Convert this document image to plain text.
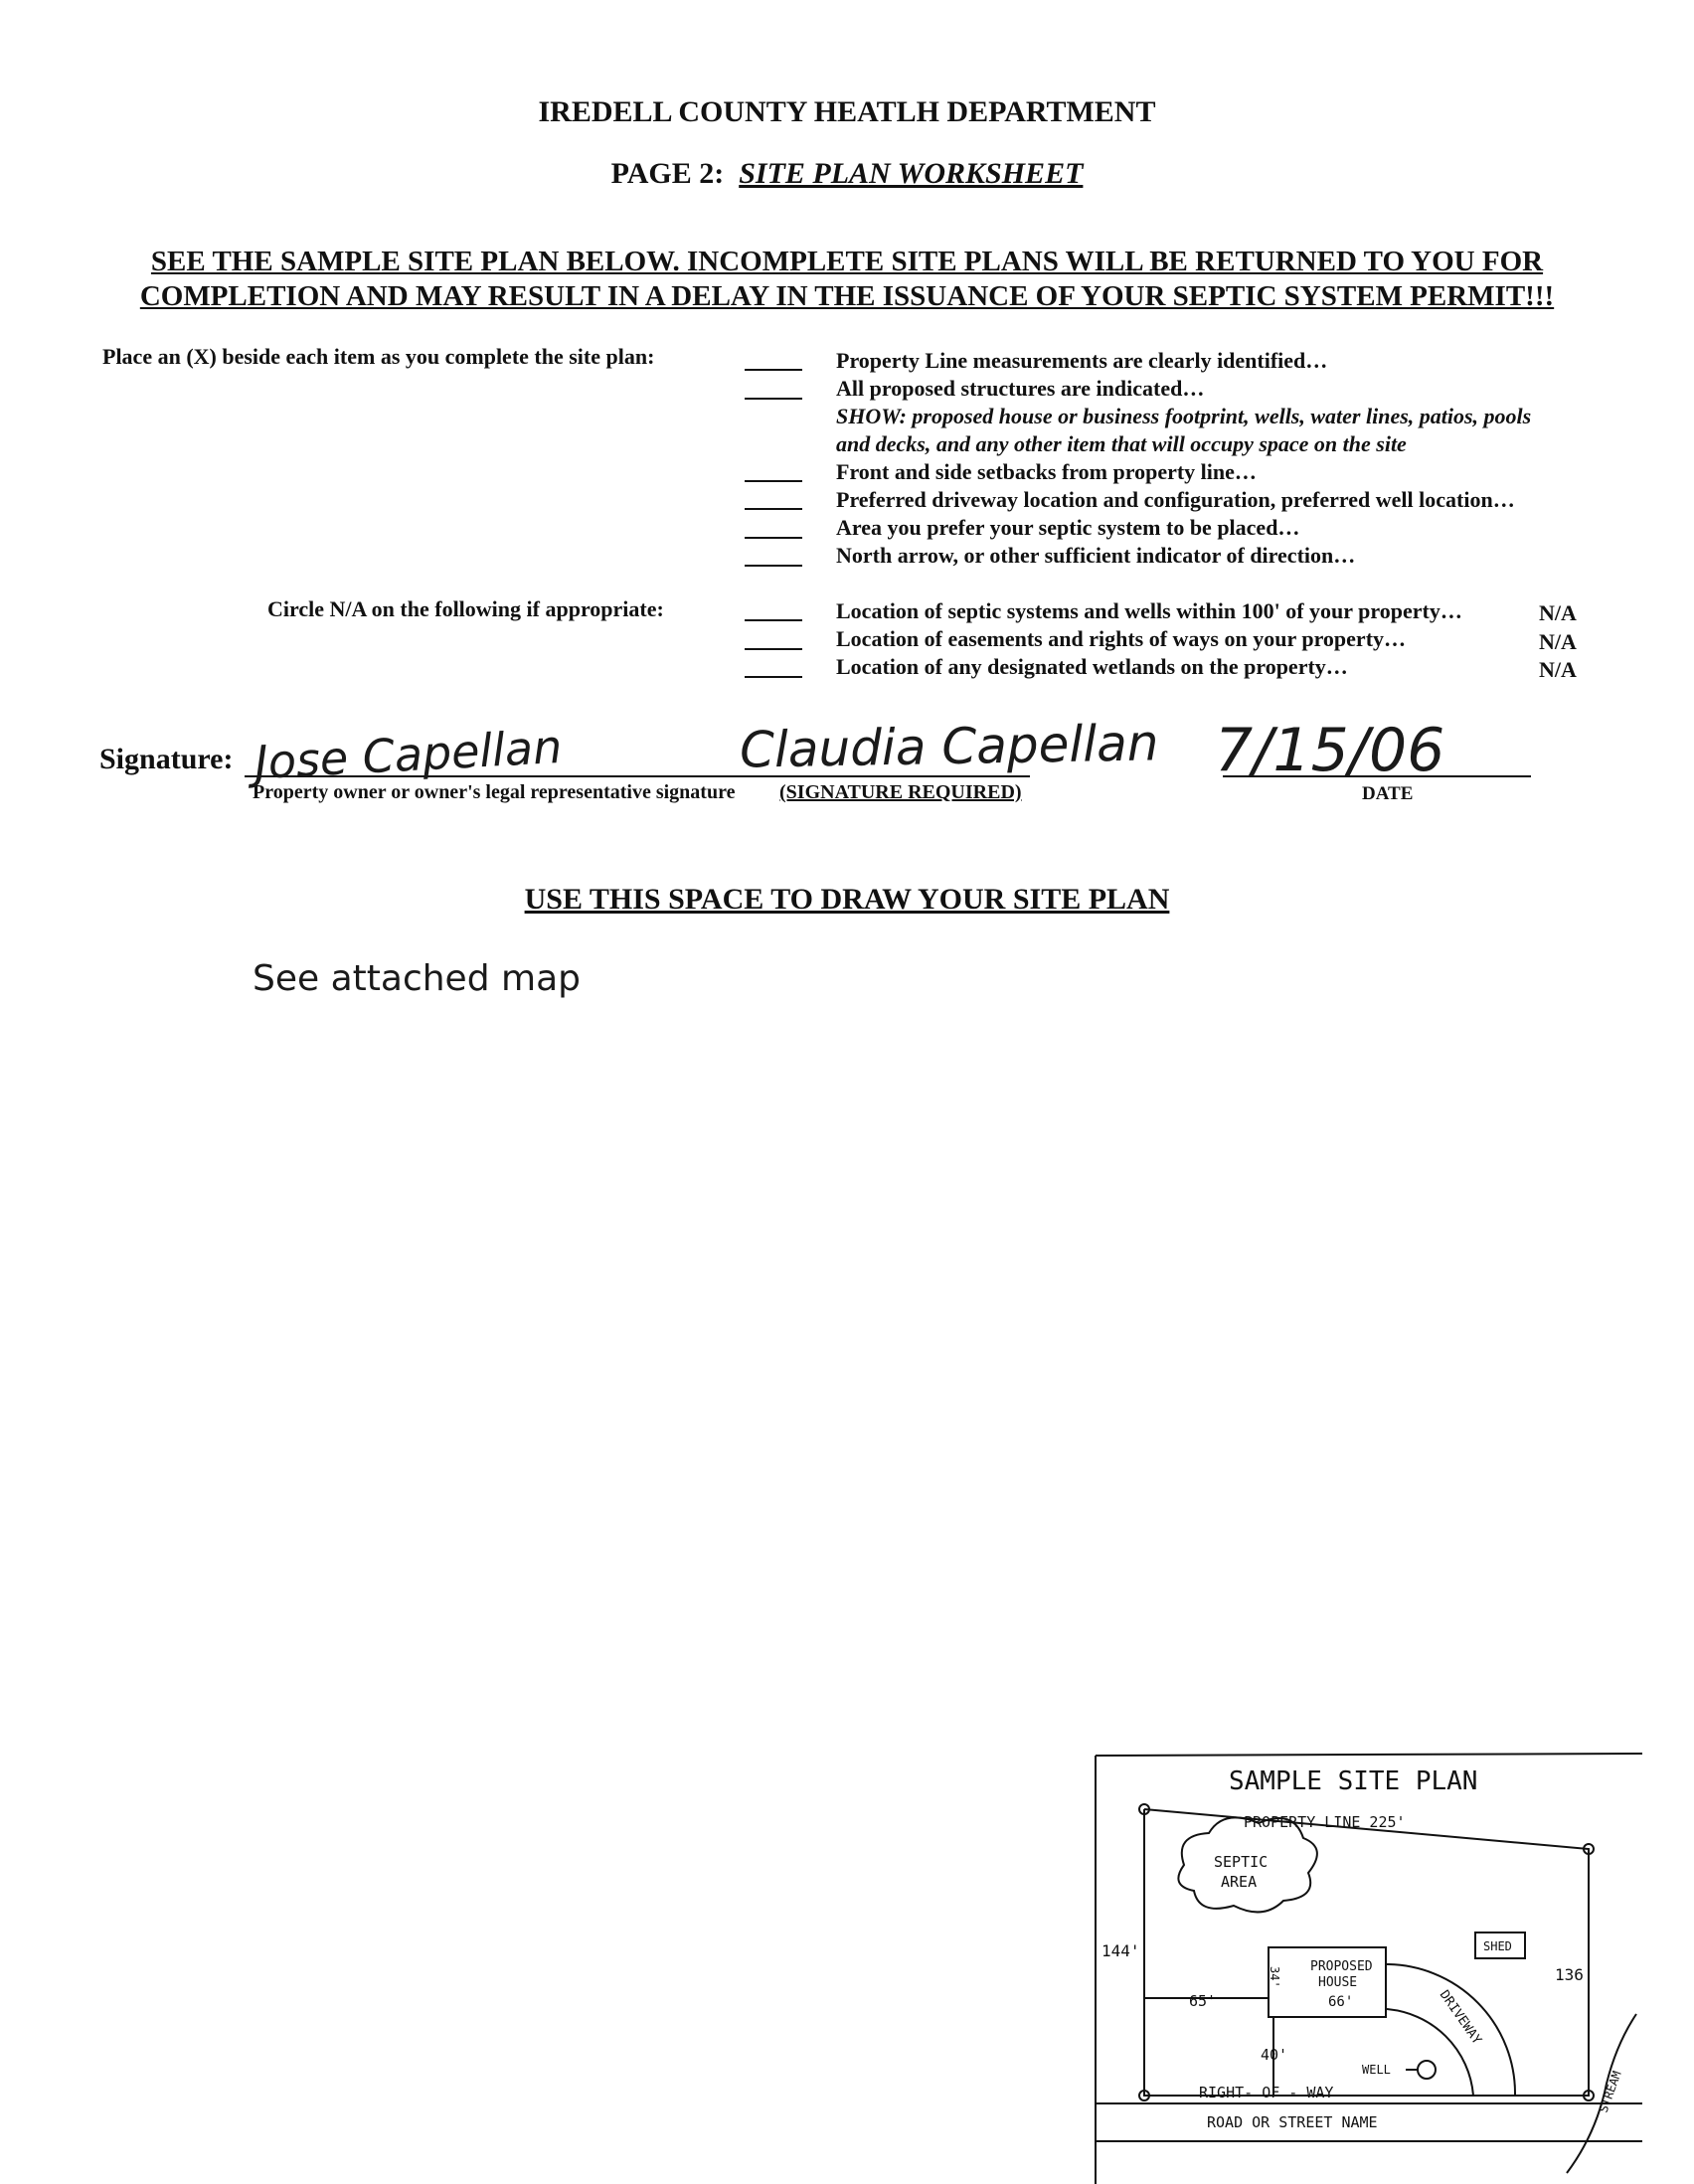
IREDELL COUNTY HEATLH DEPARTMENT
PAGE 2: SITE PLAN WORKSHEET
SEE THE SAMPLE SITE PLAN BELOW. INCOMPLETE SITE PLANS WILL BE RETURNED TO YOU FOR
COMPLETION AND MAY RESULT IN A DELAY IN THE ISSUANCE OF YOUR SEPTIC SYSTEM PERMIT!!!
Place an (X) beside each item as you complete the site plan:	Property Line measurements are clearly identified…
All proposed structures are indicated…
SHOW: proposed house or business footprint, wells, water lines, patios, pools
and decks, and any other item that will occupy space on the site
Front and side setbacks from property line…
Preferred driveway location and configuration, preferred well location…
Area you prefer your septic system to be placed…
North arrow, or other sufficient indicator of direction…
Circle N/A on the following if appropriate:	Location of septic systems and wells within 100' of your property…	N/A
Location of easements and rights of ways on your property…	N/A
Location of any designated wetlands on the property…	N/A
Signature:
Property owner or owner's legal representative signature (SIGNATURE REQUIRED)	DATE
Jose Capellan	Claudia Capellan 7/15/06
USE THIS SPACE TO DRAW YOUR SITE PLAN
See attached map
SAMPLE SITE PLAN
PROPERTY LINE 225'
SEPTIC
AREA
SHED
144'
136'
PROPOSED
HOUSE
66'
34'
65'
40'
DRIVEWAY
WELL
RIGHT- OF - WAY
ROAD OR STREET NAME
STREAM
